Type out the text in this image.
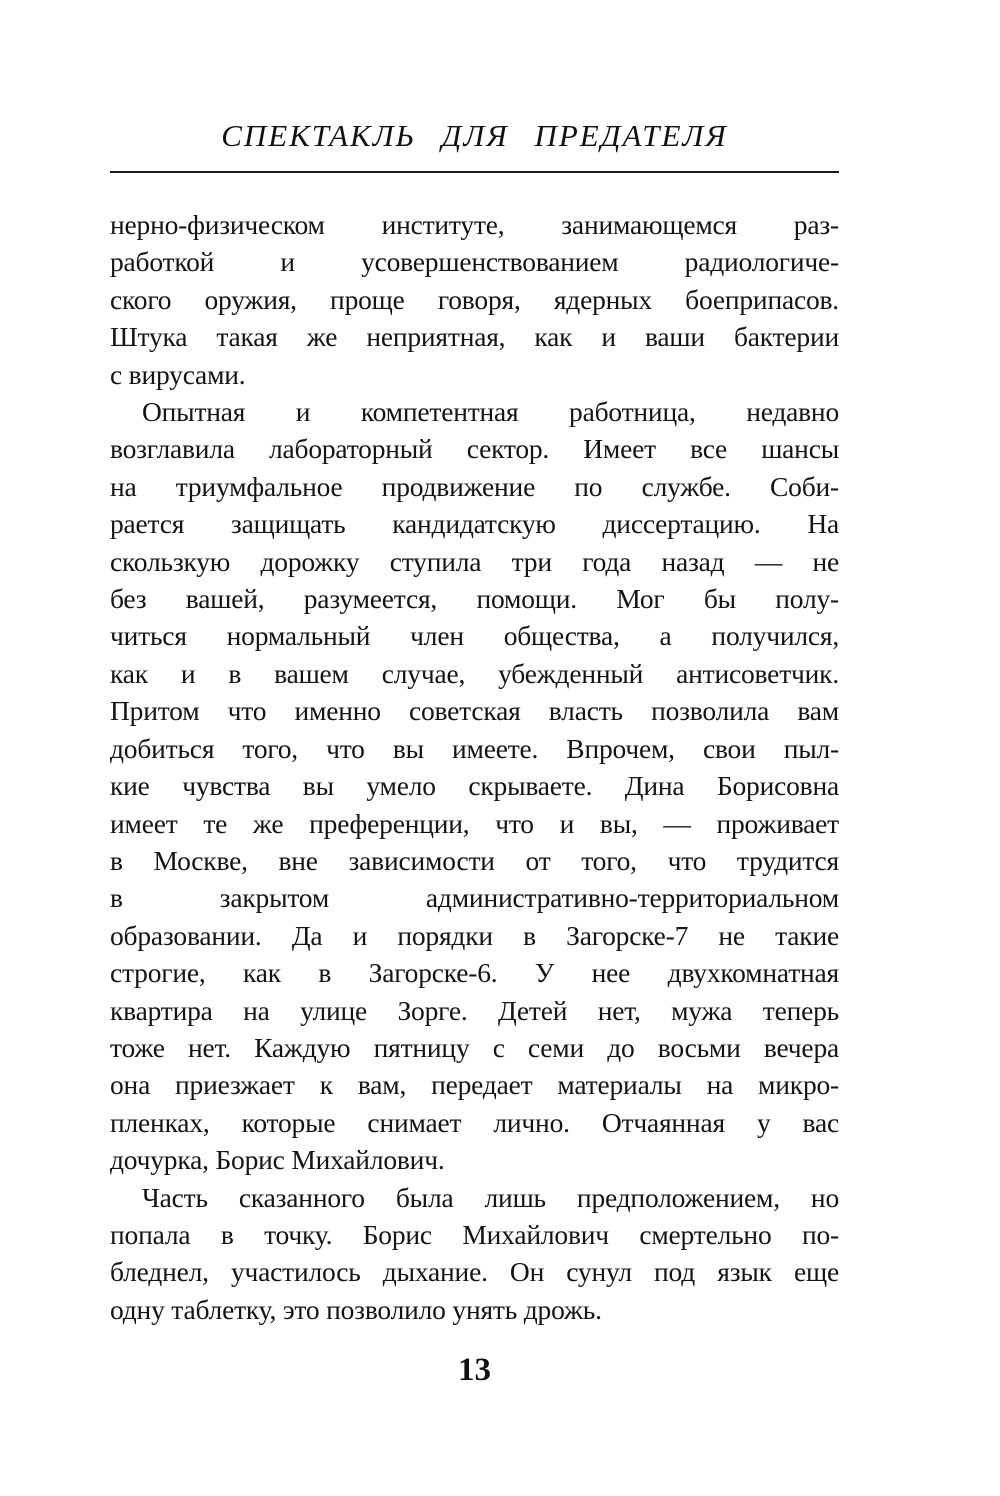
СПЕКТАКЛЬ ДЛЯ ПРЕДАТЕЛЯ
нерно-физическом институте, занимающемся раз-
работкой и усовершенствованием радиологиче-
ского оружия, проще говоря, ядерных боеприпасов.
Штука такая же неприятная, как и ваши бактерии
с вирусами.
Опытная и компетентная работница, недавно
возглавила лабораторный сектор. Имеет все шансы
на триумфальное продвижение по службе. Соби-
рается защищать кандидатскую диссертацию. На
скользкую дорожку ступила три года назад — не
без вашей, разумеется, помощи. Мог бы полу-
читься нормальный член общества, а получился,
как и в вашем случае, убежденный антисоветчик.
Притом что именно советская власть позволила вам
добиться того, что вы имеете. Впрочем, свои пыл-
кие чувства вы умело скрываете. Дина Борисовна
имеет те же преференции, что и вы, — проживает
в Москве, вне зависимости от того, что трудится
в закрытом административно-территориальном
образовании. Да и порядки в Загорске-7 не такие
строгие, как в Загорске-6. У нее двухкомнатная
квартира на улице Зорге. Детей нет, мужа теперь
тоже нет. Каждую пятницу с семи до восьми вечера
она приезжает к вам, передает материалы на микро-
пленках, которые снимает лично. Отчаянная у вас
дочурка, Борис Михайлович.
Часть сказанного была лишь предположением, но
попала в точку. Борис Михайлович смертельно по-
бледнел, участилось дыхание. Он сунул под язык еще
одну таблетку, это позволило унять дрожь.
13
